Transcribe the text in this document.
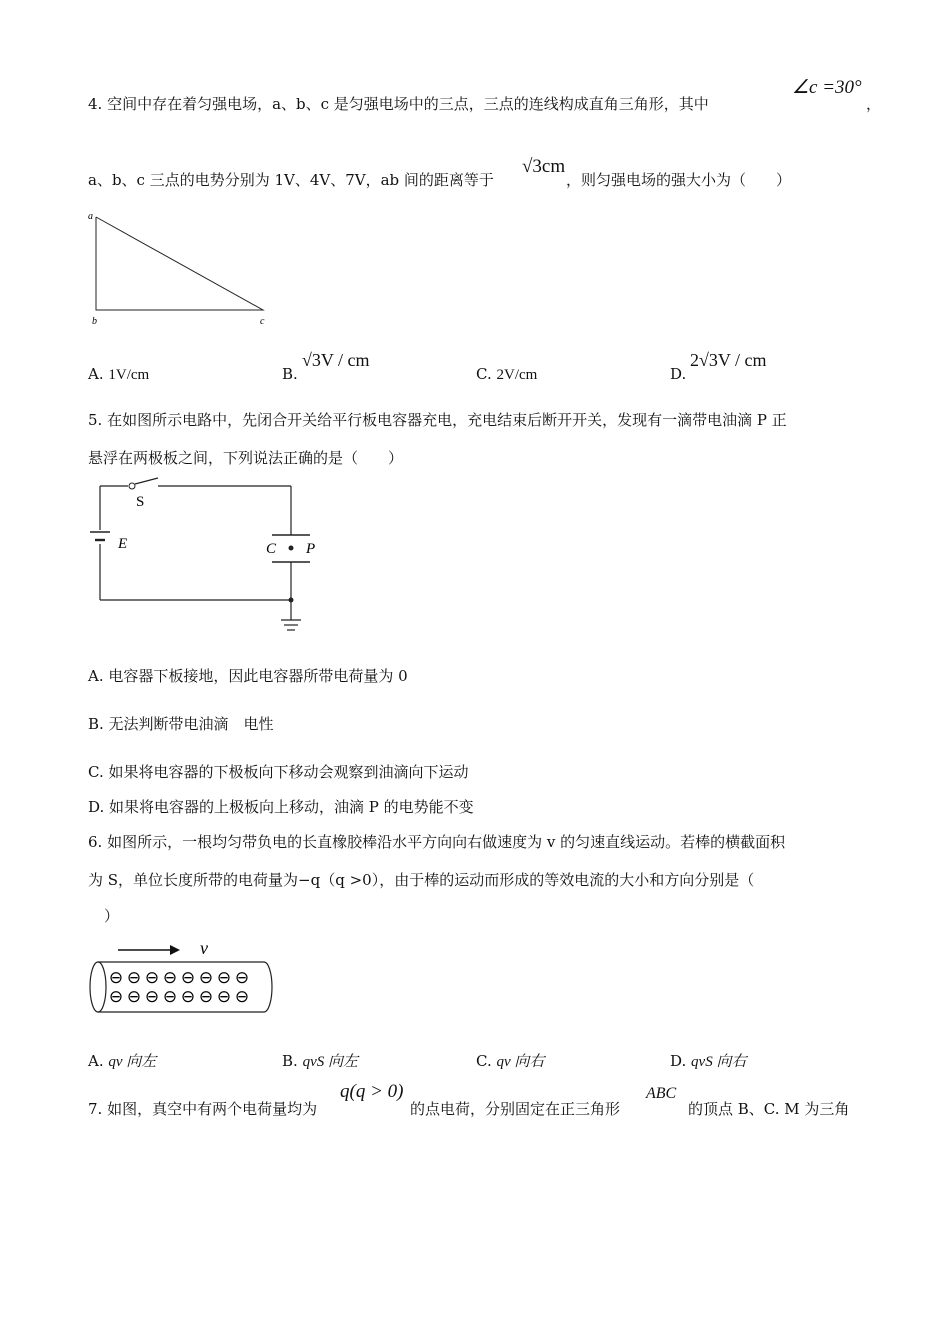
4. 空间中存在着匀强电场，a、b、c 是匀强电场中的三点，三点的连线构成直角三角形，其中
∠c =30°
，
a、b、c 三点的电势分别为 1V、4V、7V，ab 间的距离等于
√3cm
，则匀强电场的强大小为（　　）
a
b	c
A. 1V/cm	B.
√3V / cm
C. 2V/cm	D.
2√3V / cm
5. 在如图所示电路中，先闭合开关给平行板电容器充电，充电结束后断开开关，发现有一滴带电油滴 P 正
悬浮在两极板之间，下列说法正确的是（　　）
E
S
C P
A. 电容器下板接地，因此电容器所带电荷量为 0
B. 无法判断带电油滴　电性
C. 如果将电容器的下极板向下移动会观察到油滴向下运动
D. 如果将电容器的上极板向上移动，油滴 P 的电势能不变
6. 如图所示，一根均匀带负电的长直橡胶棒沿水平方向向右做速度为 v 的匀速直线运动。若棒的横截面积
为 S，单位长度所带的电荷量为−q（q >0），由于棒的运动而形成的等效电流的大小和方向分别是（
）
v
⊖ ⊖ ⊖ ⊖ ⊖ ⊖ ⊖ ⊖
⊖ ⊖ ⊖ ⊖ ⊖ ⊖ ⊖ ⊖
A. qv 向左	B. qvS 向左	C. qv 向右	D. qvS 向右
7. 如图，真空中有两个电荷量均为
q(q > 0)
的点电荷，分别固定在正三角形
ABC
的顶点 B、C. M 为三角
